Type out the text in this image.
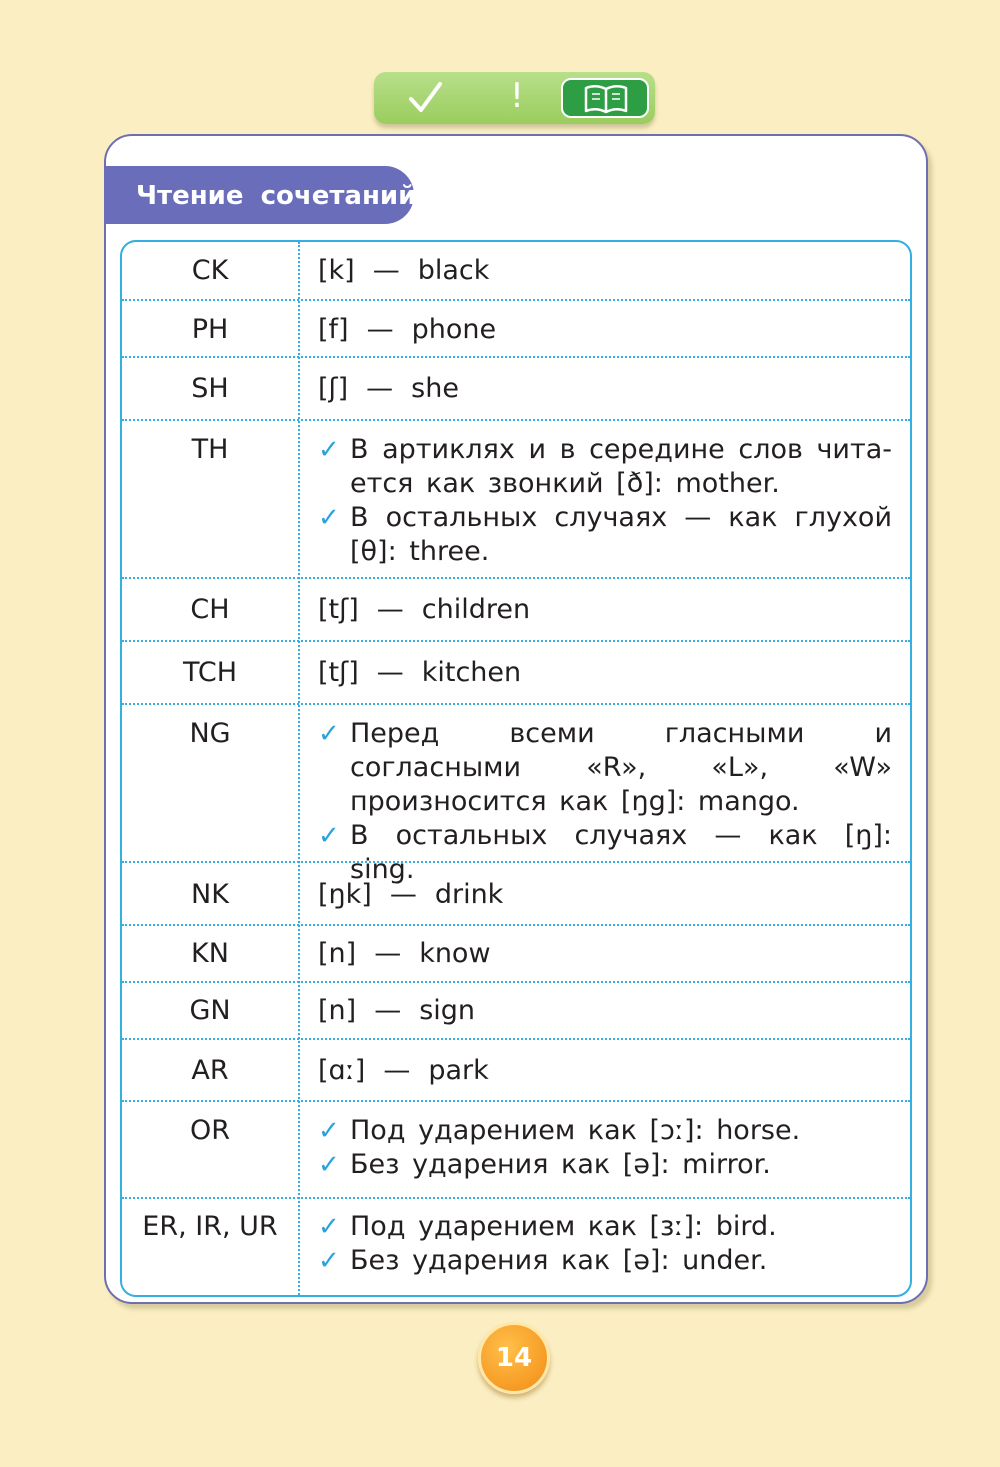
!
Чтение сочетаний
CK	[k] — black
PH	[f] — phone
SH	[ʃ] — she
TH	✓ В артиклях и в середине слов чита- ется как звонкий [ð]: mother.
✓ В остальных случаях — как глухой [θ]: three.
CH	[tʃ] — children
TCH	[tʃ] — kitchen
NG	✓ Перед всеми гласными и согласными «R», «L», «W» произносится как [ŋg]: mango.
✓ В остальных случаях — как [ŋ]: sing.
NK	[ŋk] — drink
KN	[n] — know
GN	[n] — sign
AR	[ɑː] — park
OR	✓ Под ударением как [ɔː]: horse.
✓ Без ударения как [ə]: mirror.
ER, IR, UR	✓ Под ударением как [ɜː]: bird.
✓ Без ударения как [ə]: under.
14
